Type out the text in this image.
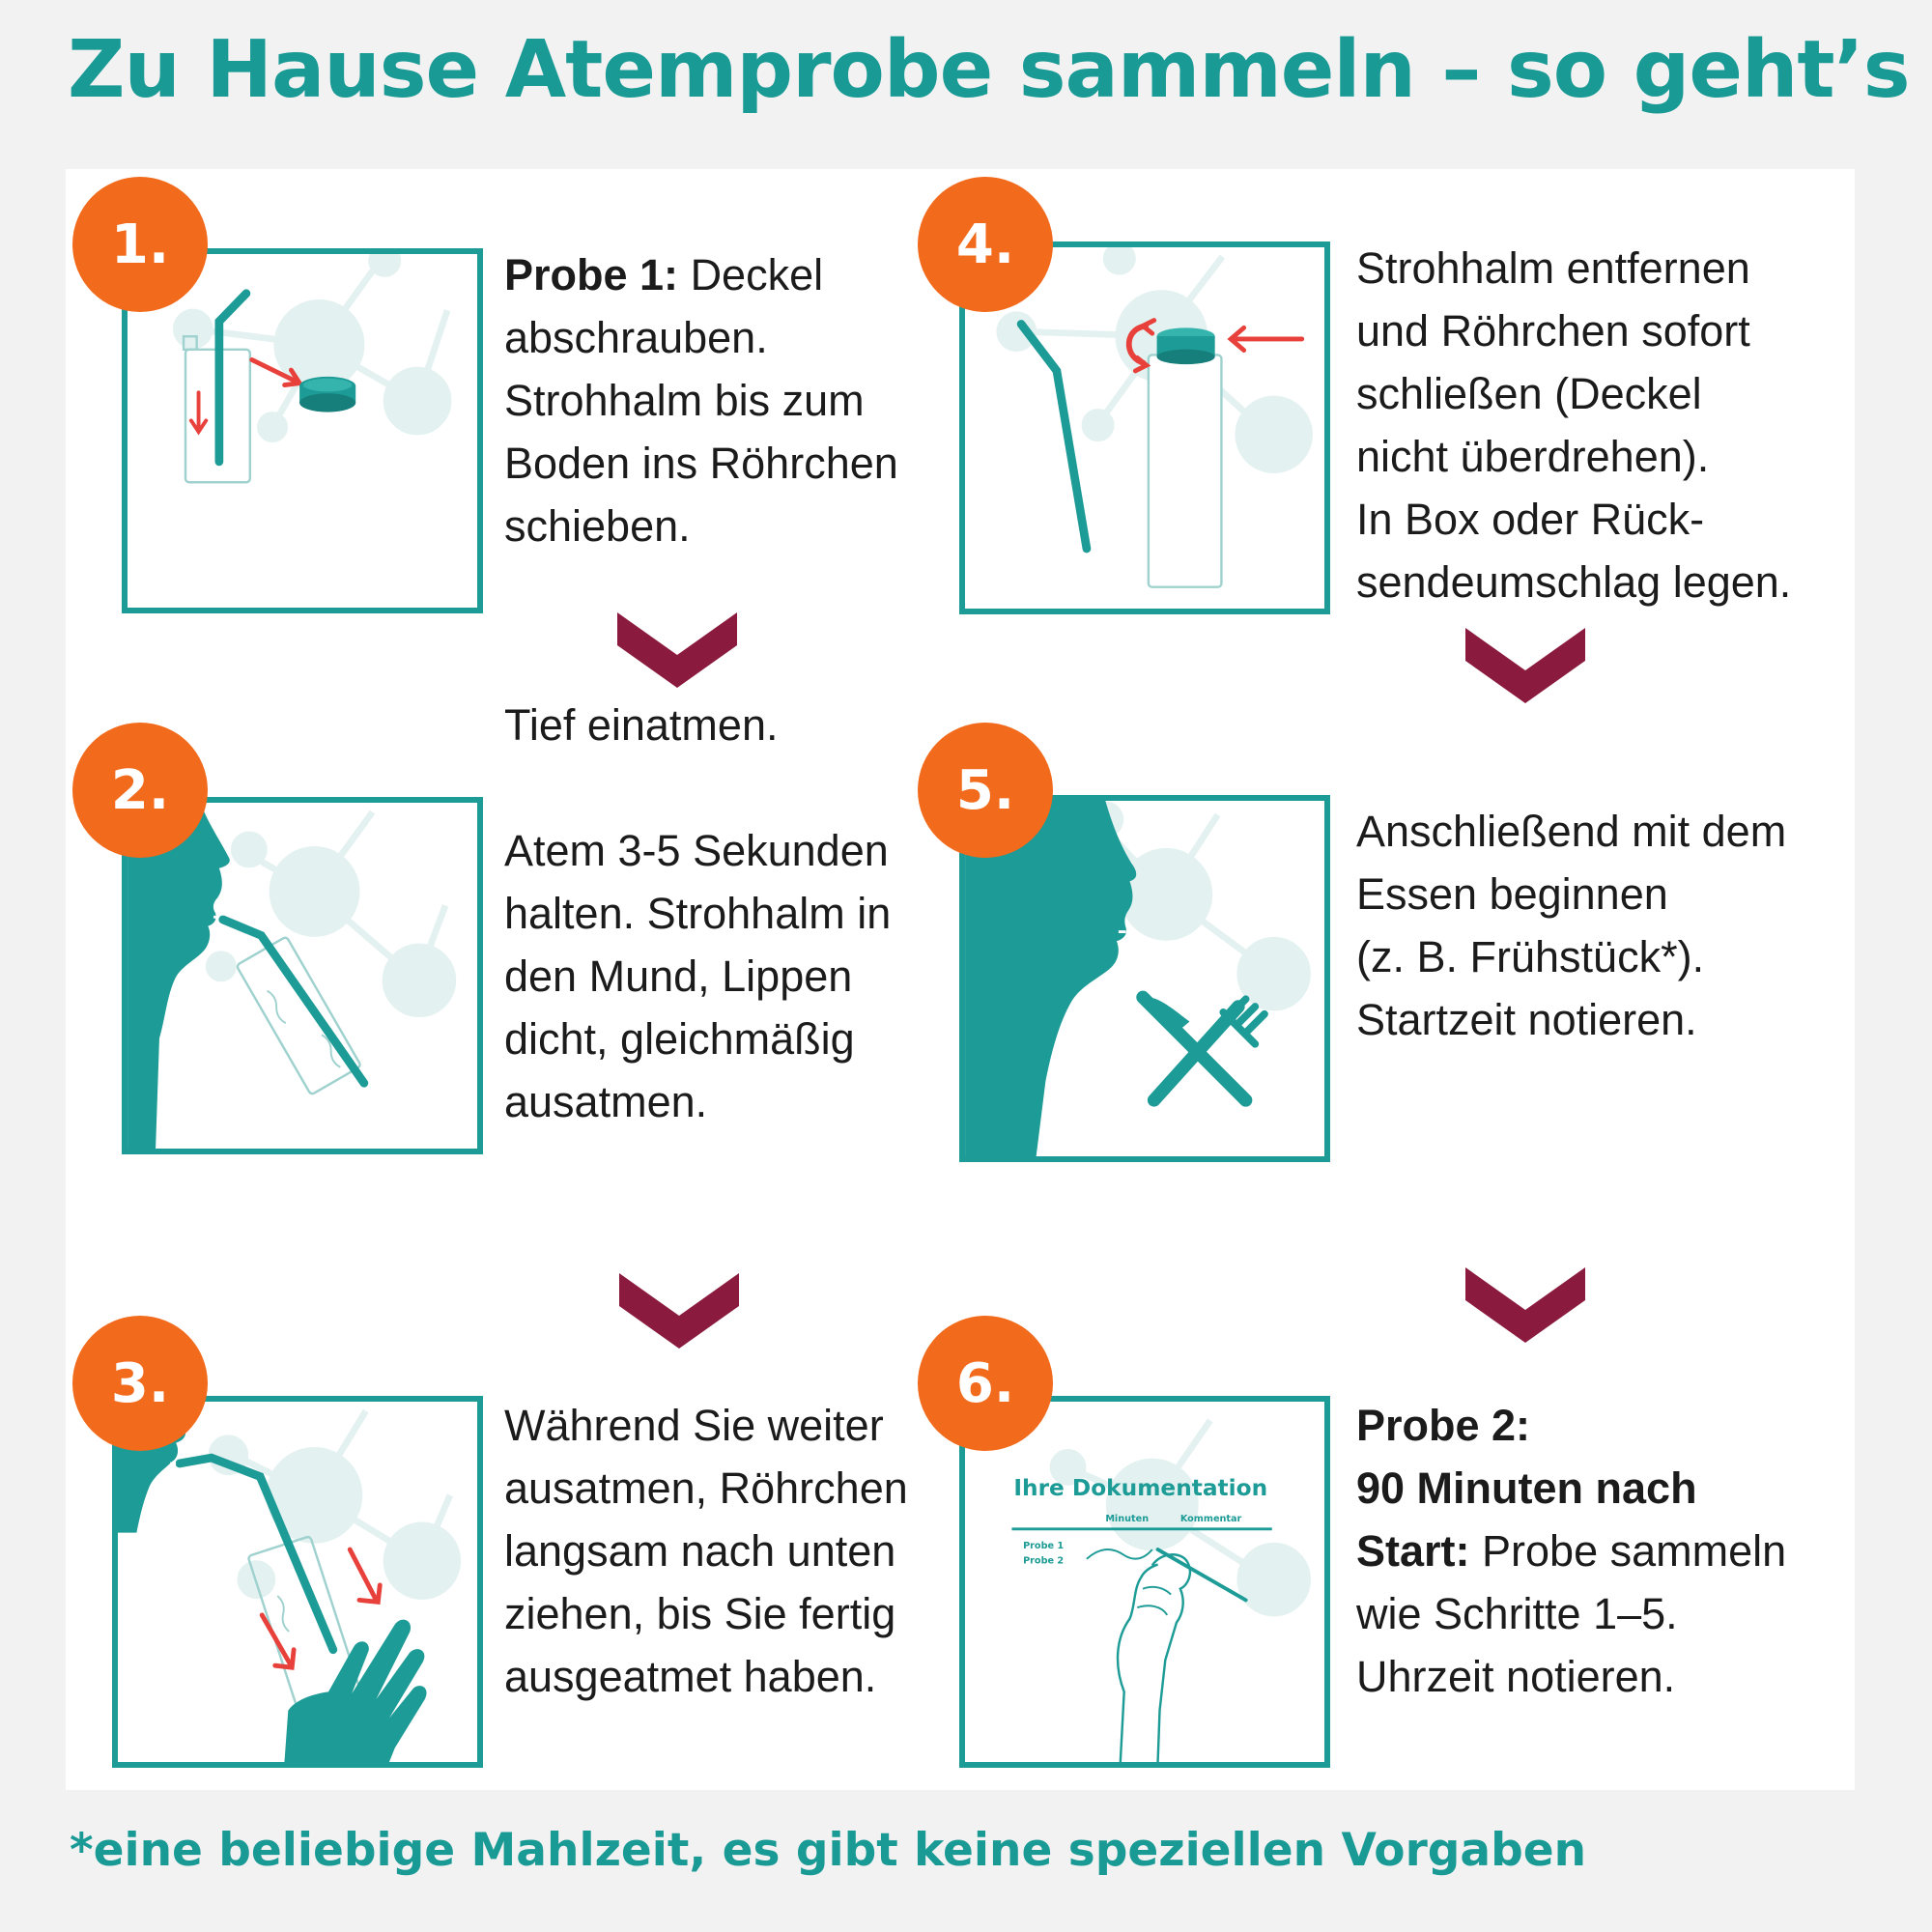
Zu Hause Atemprobe sammeln – so geht’s
1.	Probe 1: Deckel
abschrauben.
Strohhalm bis zum
Boden ins Röhrchen
schieben.
Tief einatmen.
2.
Atem 3-5 Sekunden
halten. Strohhalm in
den Mund, Lippen
dicht, gleichmäßig
ausatmen.
3.
Während Sie weiter
ausatmen, Röhrchen
langsam nach unten
ziehen, bis Sie fertig
ausgeatmet haben.
4.	Strohhalm entfernen
und Röhrchen sofort
schließen (Deckel
nicht überdrehen).
In Box oder Rück-
sendeumschlag legen.
5.
Anschließend mit dem
Essen beginnen
(z. B. Frühstück*).
Startzeit notieren.
Ihre Dokumentation
Minuten	Kommentar
Probe 1
Probe 2
6.
Probe 2:
90 Minuten nach
Start: Probe sammeln
wie Schritte 1–5.
Uhrzeit notieren.
*eine beliebige Mahlzeit, es gibt keine speziellen Vorgaben
